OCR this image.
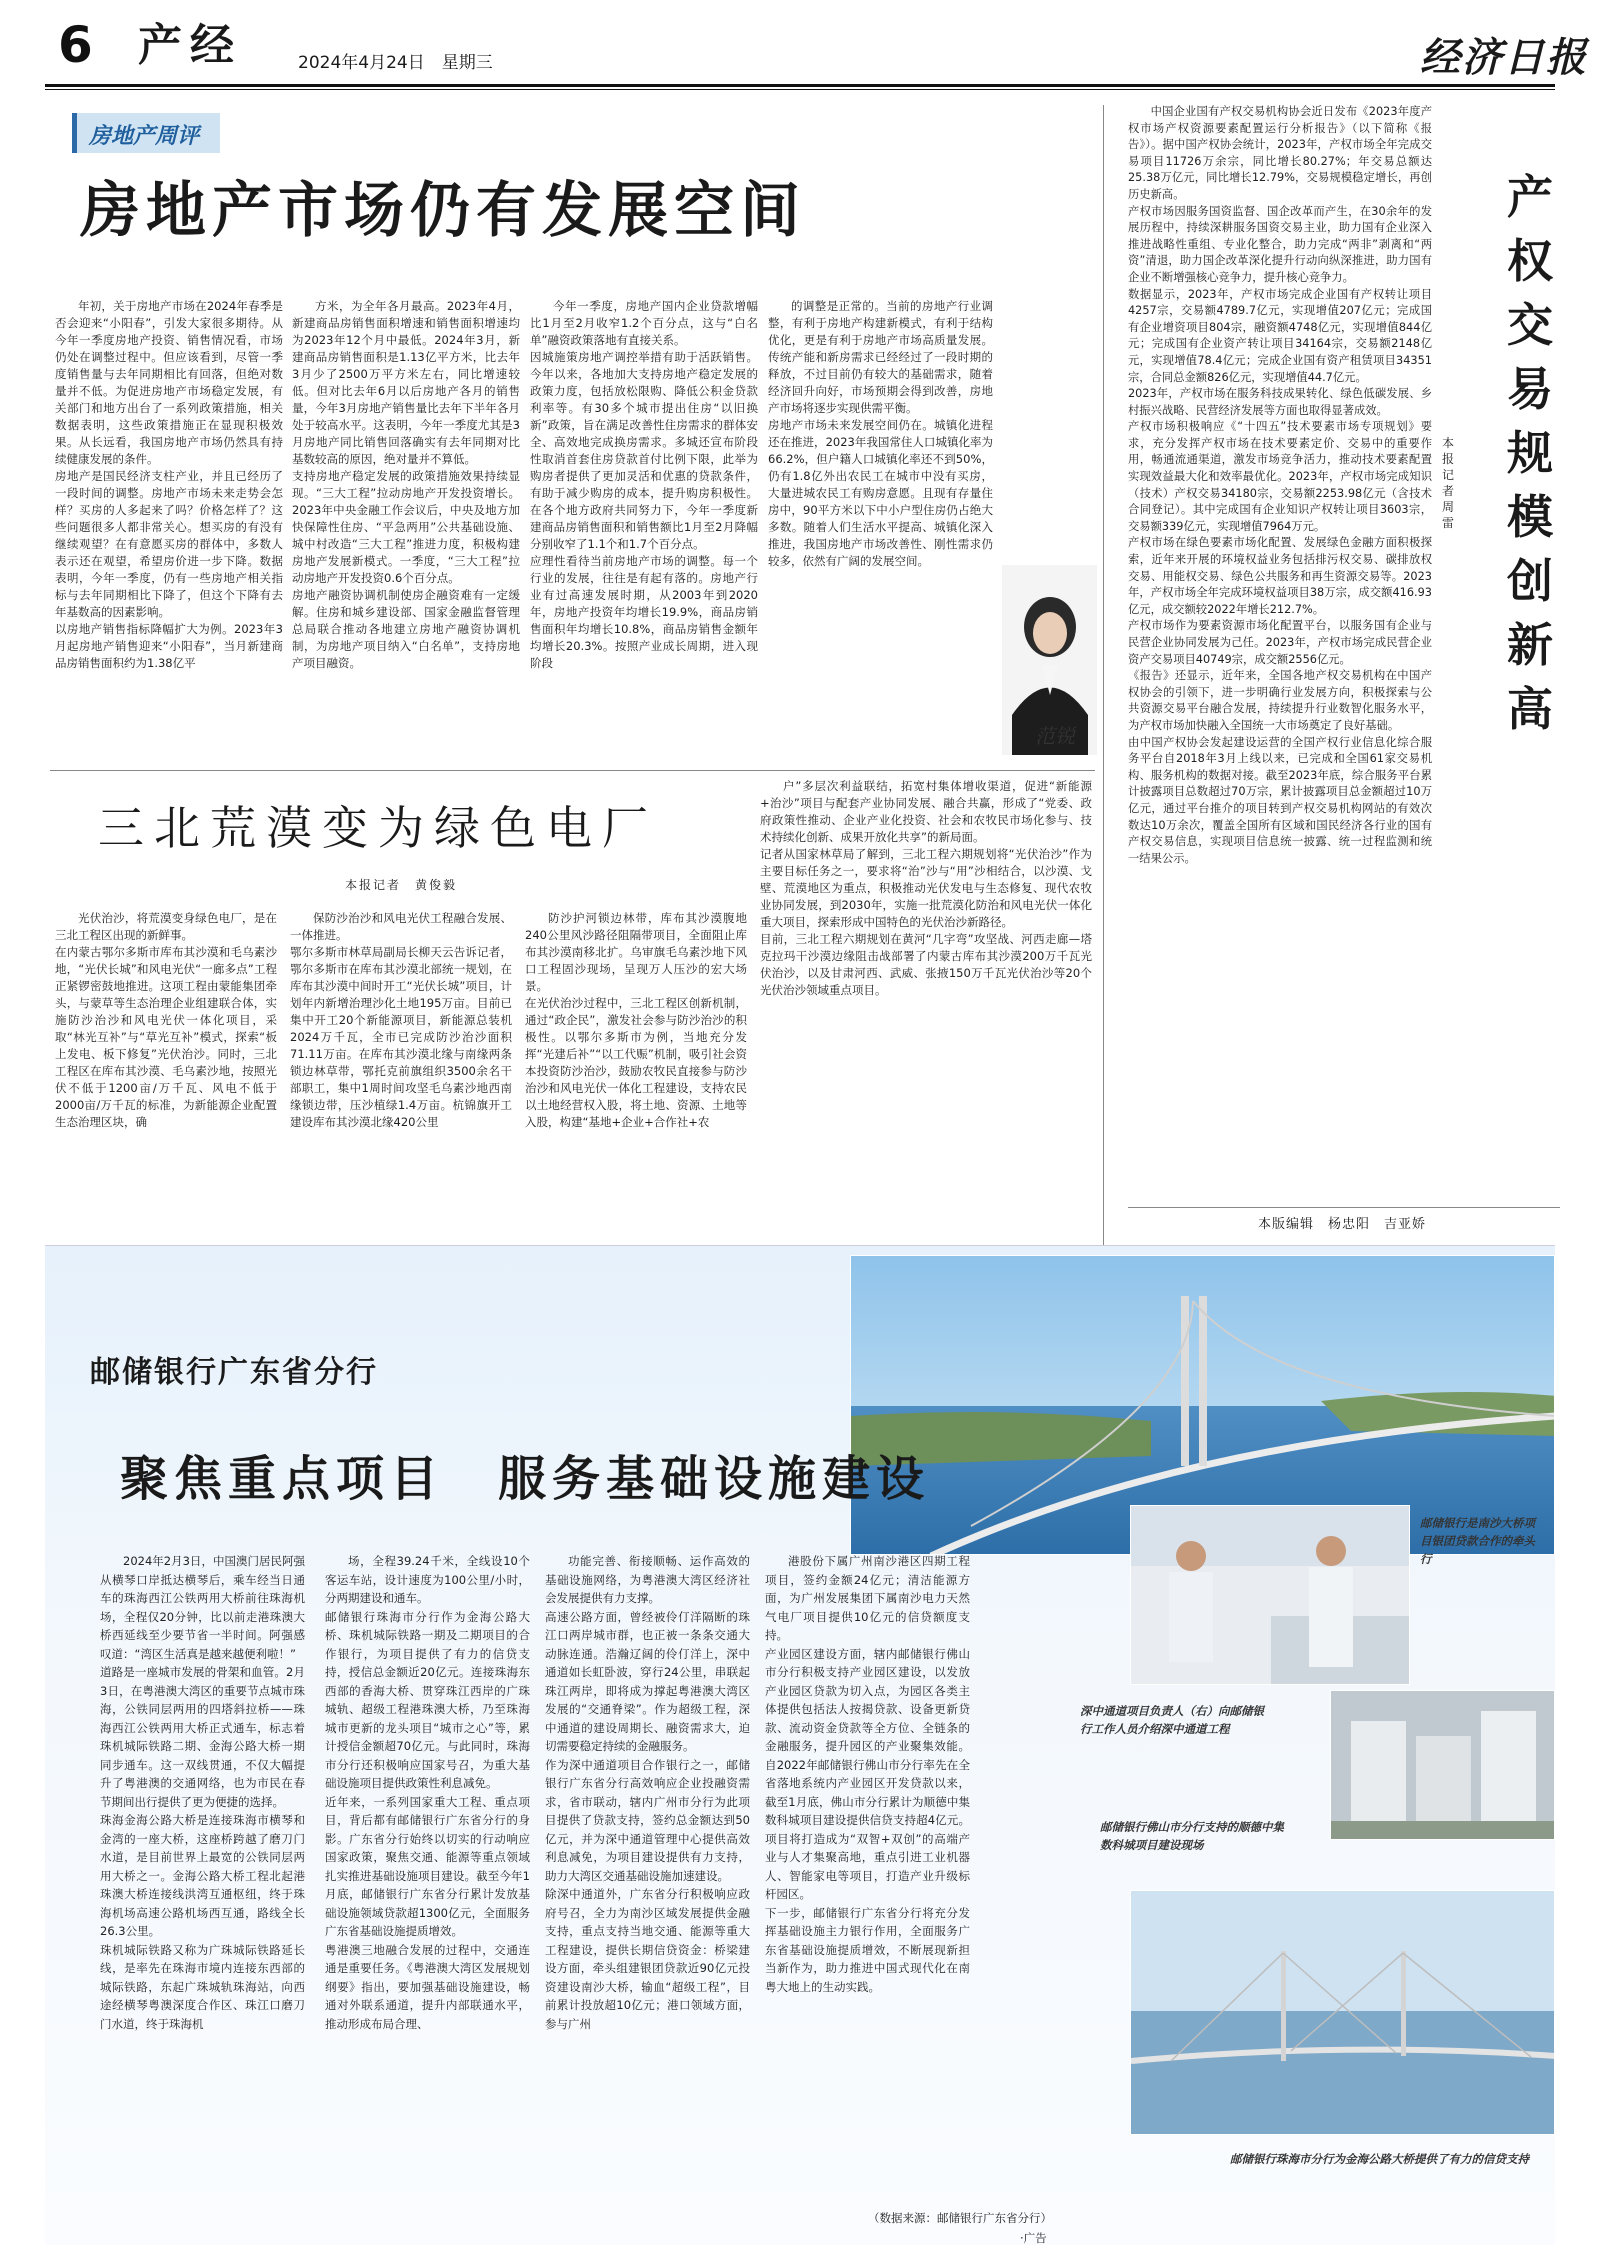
6 产经	2024年4月24日　星期三	经济日报
房地产周评
房地产市场仍有发展空间

年初，关于房地产市场在2024年春季是否会迎来“小阳春”，引发大家很多期待。从今年一季度房地产投资、销售情况看，市场仍处在调整过程中。但应该看到，尽管一季度销售量与去年同期相比有回落，但绝对数量并不低。为促进房地产市场稳定发展，有关部门和地方出台了一系列政策措施，相关数据表明，这些政策措施正在显现积极效果。从长远看，我国房地产市场仍然具有持续健康发展的条件。
房地产是国民经济支柱产业，并且已经历了一段时间的调整。房地产市场未来走势会怎样？买房的人多起来了吗？价格怎样了？这些问题很多人都非常关心。想买房的有没有继续观望？在有意愿买房的群体中，多数人表示还在观望，希望房价进一步下降。数据表明，今年一季度，仍有一些房地产相关指标与去年同期相比下降了，但这个下降有去年基数高的因素影响。
以房地产销售指标降幅扩大为例。2023年3月起房地产销售迎来“小阳春”，当月新建商品房销售面积约为1.38亿平

方米，为全年各月最高。2023年4月，新建商品房销售面积增速和销售面积增速均为2023年12个月中最低。2024年3月，新建商品房销售面积是1.13亿平方米，比去年3月少了2500万平方米左右，同比增速较低。但对比去年6月以后房地产各月的销售量，今年3月房地产销售量比去年下半年各月处于较高水平。这表明，今年一季度尤其是3月房地产同比销售回落确实有去年同期对比基数较高的原因，绝对量并不算低。
支持房地产稳定发展的政策措施效果持续显现。“三大工程”拉动房地产开发投资增长。2023年中央金融工作会议后，中央及地方加快保障性住房、“平急两用”公共基础设施、城中村改造“三大工程”推进力度，积极构建房地产发展新模式。一季度，“三大工程”拉动房地产开发投资0.6个百分点。
房地产融资协调机制使房企融资难有一定缓解。住房和城乡建设部、国家金融监督管理总局联合推动各地建立房地产融资协调机制，为房地产项目纳入“白名单”，支持房地产项目融资。

今年一季度，房地产国内企业贷款增幅比1月至2月收窄1.2个百分点，这与“白名单”融资政策落地有直接关系。
因城施策房地产调控举措有助于活跃销售。今年以来，各地加大支持房地产稳定发展的政策力度，包括放松限购、降低公积金贷款利率等。有30多个城市提出住房“以旧换新”政策，旨在满足改善性住房需求的群体安全、高效地完成换房需求。多城还宣布阶段性取消首套住房贷款首付比例下限，此举为购房者提供了更加灵活和优惠的贷款条件，有助于减少购房的成本，提升购房积极性。在各个地方政府共同努力下，今年一季度新建商品房销售面积和销售额比1月至2月降幅分别收窄了1.1个和1.7个百分点。
应理性看待当前房地产市场的调整。每一个行业的发展，往往是有起有落的。房地产行业有过高速发展时期，从2003年到2020年，房地产投资年均增长19.9%，商品房销售面积年均增长10.8%，商品房销售金额年均增长20.3%。按照产业成长周期，进入现阶段

的调整是正常的。当前的房地产行业调整，有利于房地产构建新模式，有利于结构优化，更是有利于房地产市场高质量发展。传统产能和新房需求已经经过了一段时期的释放，不过目前仍有较大的基础需求，随着经济回升向好，市场预期会得到改善，房地产市场将逐步实现供需平衡。
房地产市场未来发展空间仍在。城镇化进程还在推进，2023年我国常住人口城镇化率为66.2%，但户籍人口城镇化率还不到50%，仍有1.8亿外出农民工在城市中没有买房，大量进城农民工有购房意愿。且现有存量住房中，90平方米以下中小户型住房仍占绝大多数。随着人们生活水平提高、城镇化深入推进，我国房地产市场改善性、刚性需求仍较多，依然有广阔的发展空间。

范锐
三北荒漠变为绿色电厂
本报记者　黄俊毅

光伏治沙，将荒漠变身绿色电厂，是在三北工程区出现的新鲜事。
在内蒙古鄂尔多斯市库布其沙漠和毛乌素沙地，“光伏长城”和风电光伏“一廊多点”工程正紧锣密鼓地推进。这项工程由蒙能集团牵头，与蒙草等生态治理企业组建联合体，实施防沙治沙和风电光伏一体化项目，采取“林光互补”与“草光互补”模式，探索“板上发电、板下修复”光伏治沙。同时，三北工程区在库布其沙漠、毛乌素沙地，按照光伏不低于1200亩/万千瓦、风电不低于2000亩/万千瓦的标准，为新能源企业配置生态治理区块，确

保防沙治沙和风电光伏工程融合发展、一体推进。
鄂尔多斯市林草局副局长柳天云告诉记者，鄂尔多斯市在库布其沙漠北部统一规划，在库布其沙漠中间时开工“光伏长城”项目，计划年内新增治理沙化土地195万亩。目前已集中开工20个新能源项目，新能源总装机2024万千瓦，全市已完成防沙治沙面积71.11万亩。在库布其沙漠北缘与南缘两条锁边林草带，鄂托克前旗组织3500余名干部职工，集中1周时间攻坚毛乌素沙地西南缘锁边带，压沙植绿1.4万亩。杭锦旗开工建设库布其沙漠北缘420公里

防沙护河锁边林带，库布其沙漠腹地240公里风沙路径阻隔带项目，全面阻止库布其沙漠南移北扩。乌审旗毛乌素沙地下风口工程固沙现场，呈现万人压沙的宏大场景。
在光伏治沙过程中，三北工程区创新机制，通过“政企民”，激发社会参与防沙治沙的积极性。以鄂尔多斯市为例，当地充分发挥“光建后补”“以工代赈”机制，吸引社会资本投资防沙治沙，鼓励农牧民直接参与防沙治沙和风电光伏一体化工程建设，支持农民以土地经营权入股，将土地、资源、土地等入股，构建“基地+企业+合作社+农

户”多层次利益联结，拓宽村集体增收渠道，促进“新能源+治沙”项目与配套产业协同发展、融合共赢，形成了“党委、政府政策性推动、企业产业化投资、社会和农牧民市场化参与、技术持续化创新、成果开放化共享”的新局面。
记者从国家林草局了解到，三北工程六期规划将“光伏治沙”作为主要目标任务之一，要求将“治”沙与“用”沙相结合，以沙漠、戈壁、荒漠地区为重点，积极推动光伏发电与生态修复、现代农牧业协同发展，到2030年，实施一批荒漠化防治和风电光伏一体化重大项目，探索形成中国特色的光伏治沙新路径。
目前，三北工程六期规划在黄河“几字弯”攻坚战、河西走廊—塔克拉玛干沙漠边缘阻击战部署了内蒙古库布其沙漠200万千瓦光伏治沙，以及甘肃河西、武威、张掖150万千瓦光伏治沙等20个光伏治沙领域重点项目。

产权交易规模创新高
本报记者　周　雷

中国企业国有产权交易机构协会近日发布《2023年度产权市场产权资源要素配置运行分析报告》（以下简称《报告》）。据中国产权协会统计，2023年，产权市场全年完成交易项目11726万余宗，同比增长80.27%；年交易总额达25.38万亿元，同比增长12.79%，交易规模稳定增长，再创历史新高。
产权市场因服务国资监督、国企改革而产生，在30余年的发展历程中，持续深耕服务国资交易主业，助力国有企业深入推进战略性重组、专业化整合，助力完成“两非”剥离和“两资”清退，助力国企改革深化提升行动向纵深推进，助力国有企业不断增强核心竞争力，提升核心竞争力。
数据显示，2023年，产权市场完成企业国有产权转让项目4257宗，交易额4789.7亿元，实现增值207亿元；完成国有企业增资项目804宗，融资额4748亿元，实现增值844亿元；完成国有企业资产转让项目34164宗，交易额2148亿元，实现增值78.4亿元；完成企业国有资产租赁项目34351宗，合同总金额826亿元，实现增值44.7亿元。
2023年，产权市场在服务科技成果转化、绿色低碳发展、乡村振兴战略、民营经济发展等方面也取得显著成效。
产权市场积极响应《“十四五”技术要素市场专项规划》要求，充分发挥产权市场在技术要素定价、交易中的重要作用，畅通流通渠道，激发市场竞争活力，推动技术要素配置实现效益最大化和效率最优化。2023年，产权市场完成知识（技术）产权交易34180宗，交易额2253.98亿元（含技术合同登记）。其中完成国有企业知识产权转让项目3603宗，交易额339亿元，实现增值7964万元。
产权市场在绿色要素市场化配置、发展绿色金融方面积极探索，近年来开展的环境权益业务包括排污权交易、碳排放权交易、用能权交易、绿色公共服务和再生资源交易等。2023年，产权市场全年完成环境权益项目38万宗，成交额416.93亿元，成交额较2022年增长212.7%。
产权市场作为要素资源市场化配置平台，以服务国有企业与民营企业协同发展为己任。2023年，产权市场完成民营企业资产交易项目40749宗，成交额2556亿元。
《报告》还显示，近年来，全国各地产权交易机构在中国产权协会的引领下，进一步明确行业发展方向，积极探索与公共资源交易平台融合发展，持续提升行业数智化服务水平，为产权市场加快融入全国统一大市场奠定了良好基础。
由中国产权协会发起建设运营的全国产权行业信息化综合服务平台自2018年3月上线以来，已完成和全国61家交易机构、服务机构的数据对接。截至2023年底，综合服务平台累计披露项目总数超过70万宗，累计披露项目总金额超过10万亿元，通过平台推介的项目转到产权交易机构网站的有效次数达10万余次，覆盖全国所有区域和国民经济各行业的国有产权交易信息，实现项目信息统一披露、统一过程监测和统一结果公示。

本版编辑　杨忠阳　吉亚娇
邮储银行广东省分行
聚焦重点项目　服务基础设施建设

2024年2月3日，中国澳门居民阿强从横琴口岸抵达横琴后，乘车经当日通车的珠海西江公铁两用大桥前往珠海机场，全程仅20分钟，比以前走港珠澳大桥西延线至少要节省一半时间。阿强感叹道：“湾区生活真是越来越便利啦！”
道路是一座城市发展的骨架和血管。2月3日，在粤港澳大湾区的重要节点城市珠海，公铁同层两用的四塔斜拉桥——珠海西江公铁两用大桥正式通车，标志着珠机城际铁路二期、金海公路大桥一期同步通车。这一双线贯通，不仅大幅提升了粤港澳的交通网络，也为市民在春节期间出行提供了更为便捷的选择。
珠海金海公路大桥是连接珠海市横琴和金湾的一座大桥，这座桥跨越了磨刀门水道，是目前世界上最宽的公铁同层两用大桥之一。金海公路大桥工程北起港珠澳大桥连接线洪湾互通枢纽，终于珠海机场高速公路机场西互通，路线全长26.3公里。
珠机城际铁路又称为广珠城际铁路延长线，是率先在珠海市境内连接东西部的城际铁路，东起广珠城轨珠海站，向西途经横琴粤澳深度合作区、珠江口磨刀门水道，终于珠海机

场，全程39.24千米，全线设10个客运车站，设计速度为100公里/小时，分两期建设和通车。
邮储银行珠海市分行作为金海公路大桥、珠机城际铁路一期及二期项目的合作银行，为项目提供了有力的信贷支持，授信总金额近20亿元。连接珠海东西部的香海大桥、贯穿珠江西岸的广珠城轨、超级工程港珠澳大桥，乃至珠海城市更新的龙头项目“城市之心”等，累计授信金额超70亿元。与此同时，珠海市分行还积极响应国家号召，为重大基础设施项目提供政策性利息减免。
近年来，一系列国家重大工程、重点项目，背后都有邮储银行广东省分行的身影。广东省分行始终以切实的行动响应国家政策，聚焦交通、能源等重点领域扎实推进基础设施项目建设。截至今年1月底，邮储银行广东省分行累计发放基础设施领域贷款超1300亿元，全面服务广东省基础设施提质增效。
粤港澳三地融合发展的过程中，交通连通是重要任务。《粤港澳大湾区发展规划纲要》指出，要加强基础设施建设，畅通对外联系通道，提升内部联通水平，推动形成布局合理、

功能完善、衔接顺畅、运作高效的基础设施网络，为粤港澳大湾区经济社会发展提供有力支撑。
高速公路方面，曾经被伶仃洋隔断的珠江口两岸城市群，也正被一条条交通大动脉连通。浩瀚辽阔的伶仃洋上，深中通道如长虹卧波，穿行24公里，串联起珠江两岸，即将成为撑起粤港澳大湾区发展的“交通脊梁”。作为超级工程，深中通道的建设周期长、融资需求大，迫切需要稳定持续的金融服务。
作为深中通道项目合作银行之一，邮储银行广东省分行高效响应企业投融资需求，省市联动，辖内广州市分行为此项目提供了贷款支持，签约总金额达到50亿元，并为深中通道管理中心提供高效利息减免，为项目建设提供有力支持，助力大湾区交通基础设施加速建设。
除深中通道外，广东省分行积极响应政府号召，全力为南沙区域发展提供金融支持，重点支持当地交通、能源等重大工程建设，提供长期信贷资金：桥梁建设方面，牵头组建银团贷款近90亿元投资建设南沙大桥，输血“超级工程”，目前累计投放超10亿元；港口领域方面，参与广州

港股份下属广州南沙港区四期工程项目，签约金额24亿元；清洁能源方面，为广州发展集团下属南沙电力天然气电厂项目提供10亿元的信贷额度支持。
产业园区建设方面，辖内邮储银行佛山市分行积极支持产业园区建设，以发放产业园区贷款为切入点，为园区各类主体提供包括法人按揭贷款、设备更新贷款、流动资金贷款等全方位、全链条的金融服务，提升园区的产业聚集效能。自2022年邮储银行佛山市分行率先在全省落地系统内产业园区开发贷款以来，截至1月底，佛山市分行累计为顺德中集数科城项目建设提供信贷支持超4亿元。项目将打造成为“双智+双创”的高端产业与人才集聚高地，重点引进工业机器人、智能家电等项目，打造产业升级标杆园区。
下一步，邮储银行广东省分行将充分发挥基础设施主力银行作用，全面服务广东省基础设施提质增效，不断展现新担当新作为，助力推进中国式现代化在南粤大地上的生动实践。

（数据来源：邮储银行广东省分行）
·广告
邮储银行是南沙大桥项目银团贷款合作的牵头行
深中通道项目负责人（右）向邮储银行工作人员介绍深中通道工程
邮储银行佛山市分行支持的顺德中集数科城项目建设现场
邮储银行珠海市分行为金海公路大桥提供了有力的信贷支持
